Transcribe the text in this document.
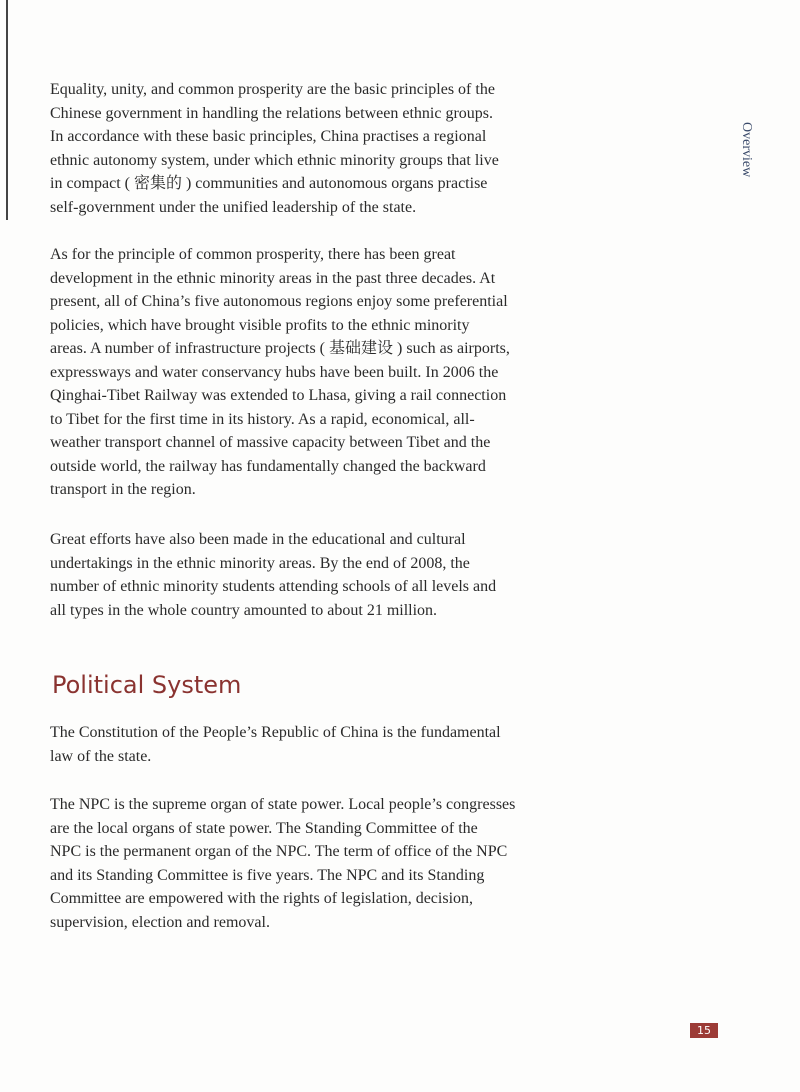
Overview
Equality, unity, and common prosperity are the basic principles of the
Chinese government in handling the relations between ethnic groups.
In accordance with these basic principles, China practises a regional
ethnic autonomy system, under which ethnic minority groups that live
in compact ( 密集的 ) communities and autonomous organs practise
self-government under the unified leadership of the state.
As for the principle of common prosperity, there has been great
development in the ethnic minority areas in the past three decades. At
present, all of China’s five autonomous regions enjoy some preferential
policies, which have brought visible profits to the ethnic minority
areas. A number of infrastructure projects ( 基础建设 ) such as airports,
expressways and water conservancy hubs have been built. In 2006 the
Qinghai-Tibet Railway was extended to Lhasa, giving a rail connection
to Tibet for the first time in its history. As a rapid, economical, all-
weather transport channel of massive capacity between Tibet and the
outside world, the railway has fundamentally changed the backward
transport in the region.
Great efforts have also been made in the educational and cultural
undertakings in the ethnic minority areas. By the end of 2008, the
number of ethnic minority students attending schools of all levels and
all types in the whole country amounted to about 21 million.
Political System
The Constitution of the People’s Republic of China is the fundamental
law of the state.
The NPC is the supreme organ of state power. Local people’s congresses
are the local organs of state power. The Standing Committee of the
NPC is the permanent organ of the NPC. The term of office of the NPC
and its Standing Committee is five years. The NPC and its Standing
Committee are empowered with the rights of legislation, decision,
supervision, election and removal.
15
